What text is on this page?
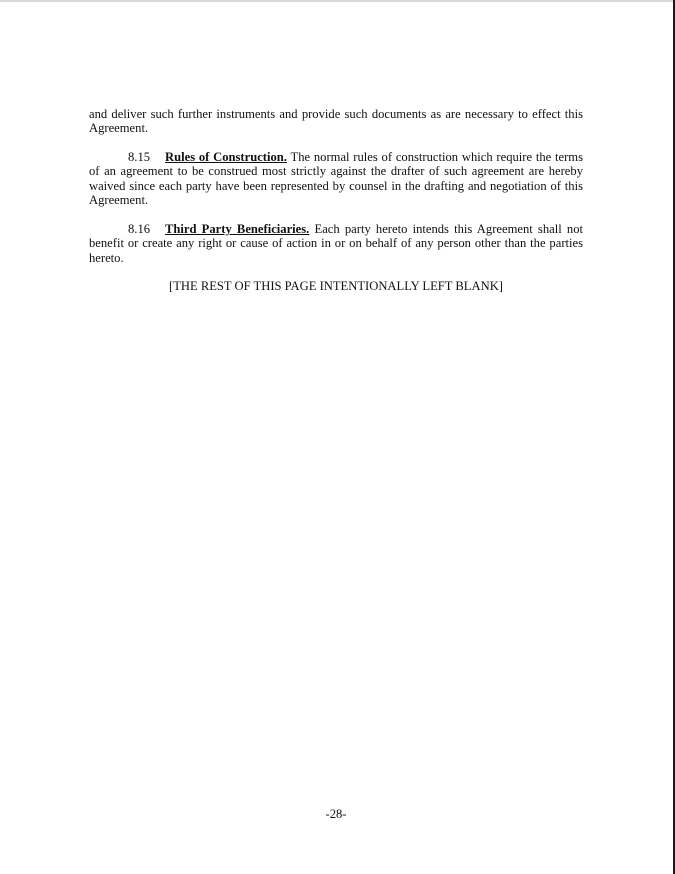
and deliver such further instruments and provide such documents as are necessary to effect this Agreement.

8.15 Rules of Construction. The normal rules of construction which require the terms of an agreement to be construed most strictly against the drafter of such agreement are hereby waived since each party have been represented by counsel in the drafting and negotiation of this Agreement.

8.16 Third Party Beneficiaries. Each party hereto intends this Agreement shall not benefit or create any right or cause of action in or on behalf of any person other than the parties hereto.

[THE REST OF THIS PAGE INTENTIONALLY LEFT BLANK]
-28-
